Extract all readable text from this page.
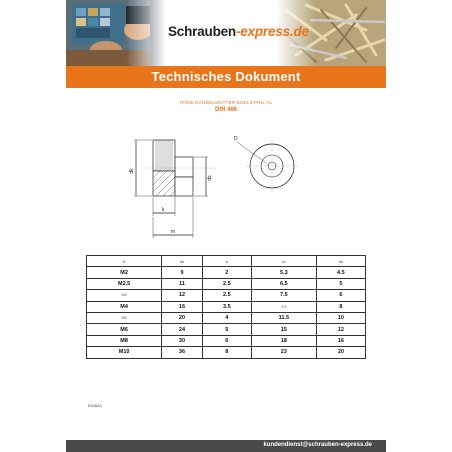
Schrauben-express.de
Technisches Dokument
HOHE RÄNDELMUTTER EDELSTAHL A1
DIN 466
dk
ds
k
m
D
D	dk	k	m	ds
M2	9	2	5.3	4.5
M2.5	11	2.5	6.5	5
M3	12	2.5	7.5	6
M4	16	3.5	9.5	8
M5	20	4	11.5	10
M6	24	5	15	12
M8	30	6	18	16
M10	36	8	23	20
ES46A1
kundendienst@schrauben-express.de
